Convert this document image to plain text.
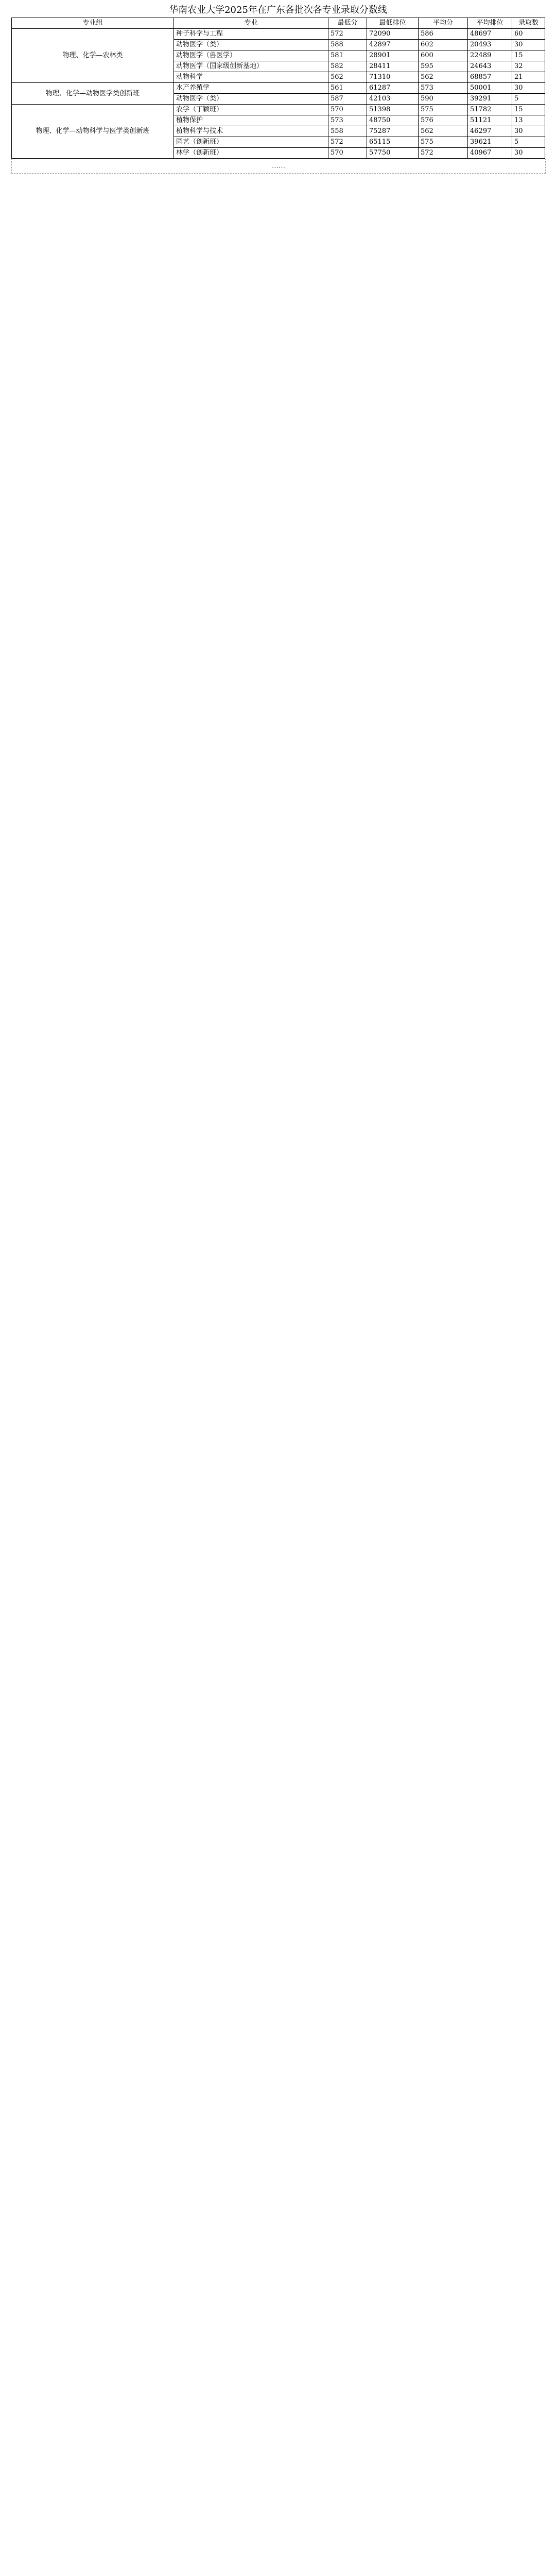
华南农业大学2025年在广东各批次各专业录取分数线
专业组	专业	最低分	最低排位	平均分	平均排位	录取数
物理、化学—农林类	种子科学与工程	572	72090	586	48697	60
	动物医学（类）	588	42897	602	20493	30
	动物医学（兽医学）	581	28901	600	22489	15
	动物医学（国家级创新基地）	582	28411	595	24643	32
	动物科学	562	71310	562	68857	21
物理、化学—动物医学类创新班	水产养殖学	561	61287	573	50001	30
	动物医学（类）	587	42103	590	39291	5
物理、化学—动物科学与医学类创新班	农学（丁颖班）	570	51398	575	51782	15
	植物保护	573	48750	576	51121	13
	植物科学与技术	558	75287	562	46297	30
	园艺（创新班）	572	65115	575	39621	5
	林学（创新班）	570	57750	572	40967	30
……
